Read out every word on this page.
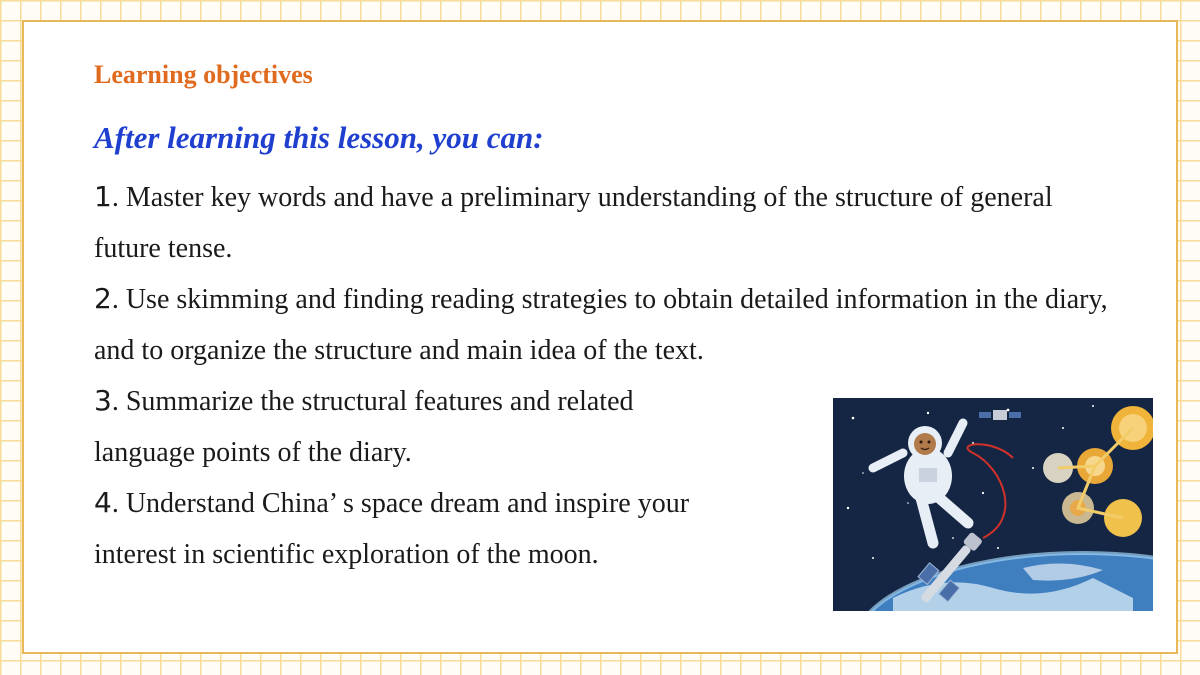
Learning objectives
After learning this lesson, you can:

1. Master key words and have a preliminary understanding of the structure of general future tense.

2. Use skimming and finding reading strategies to obtain detailed information in the diary, and to organize the structure and main idea of the text.

3. Summarize the structural features and related language points of the diary.

4. Understand China’ s space dream and inspire your interest in scientific exploration of the moon.
